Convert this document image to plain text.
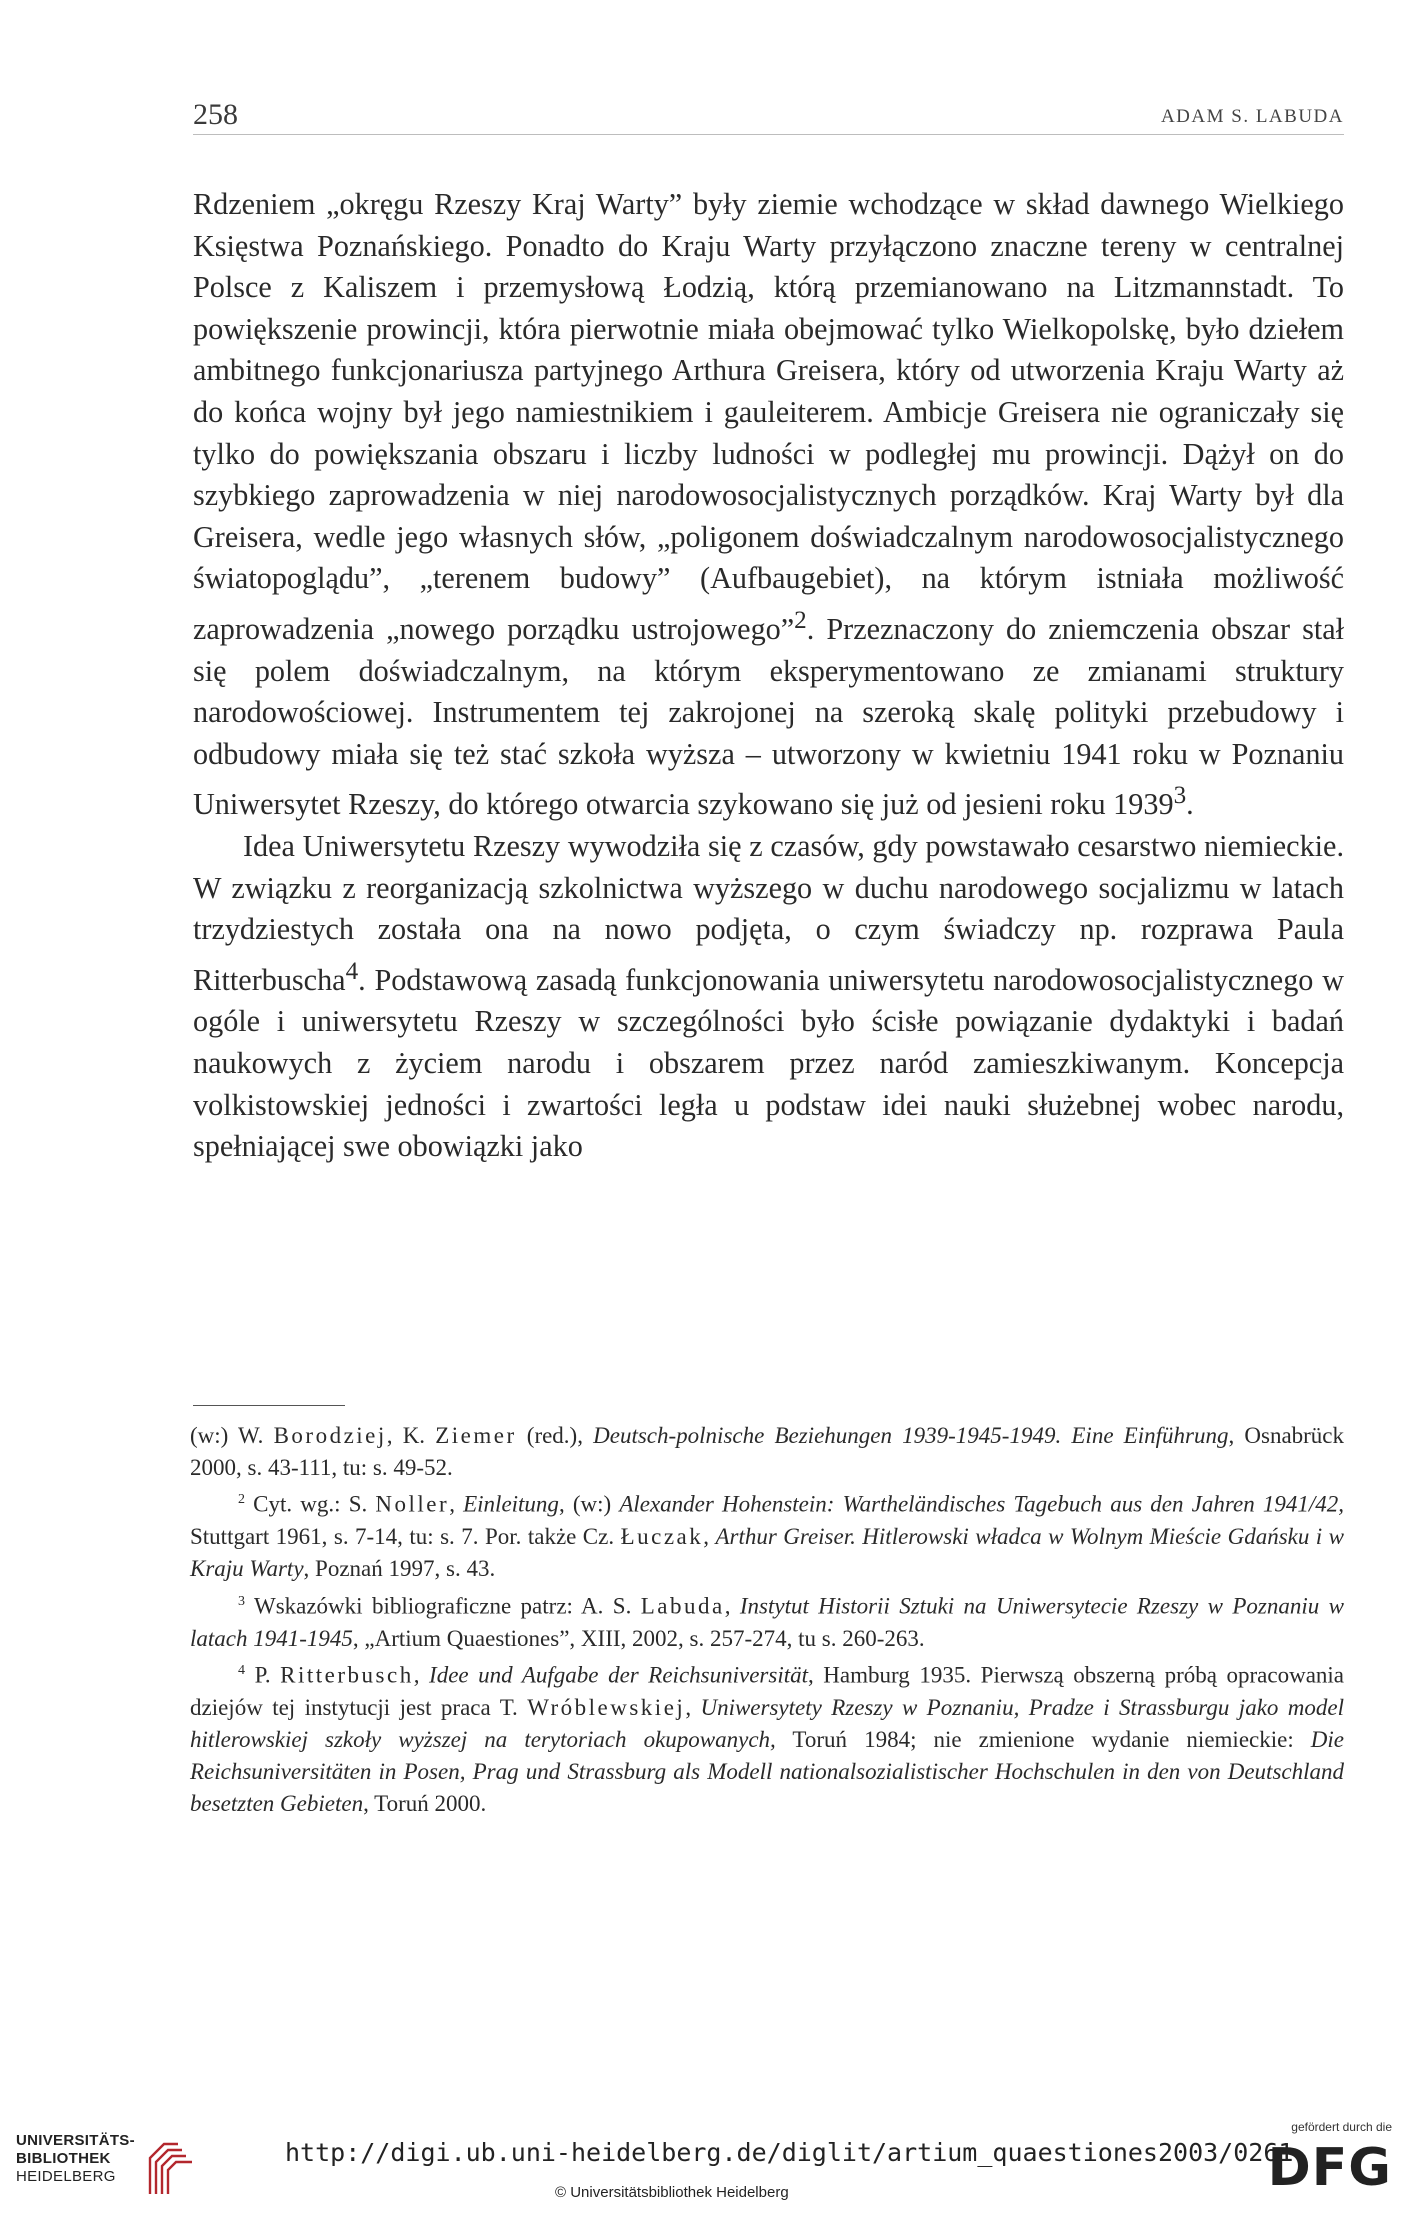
258	ADAM S. LABUDA

Rdzeniem „okręgu Rzeszy Kraj Warty” były ziemie wchodzące w skład dawnego Wielkiego Księstwa Poznańskiego. Ponadto do Kraju Warty przyłączono znaczne tereny w centralnej Polsce z Kaliszem i przemysłową Łodzią, którą przemianowano na Litzmannstadt. To powiększenie prowincji, która pierwotnie miała obejmować tylko Wielkopolskę, było dziełem ambitnego funkcjonariusza partyjnego Arthura Greisera, który od utworzenia Kraju Warty aż do końca wojny był jego namiestnikiem i gauleiterem. Ambicje Greisera nie ograniczały się tylko do powiększania obszaru i liczby ludności w podległej mu prowincji. Dążył on do szybkiego zaprowadzenia w niej narodowosocjalistycznych porządków. Kraj Warty był dla Greisera, wedle jego własnych słów, „poligonem doświadczalnym narodowosocjalistycznego światopoglądu”, „terenem budowy” (Aufbaugebiet), na którym istniała możliwość zaprowadzenia „nowego porządku ustrojowego”$^2$. Przeznaczony do zniemczenia obszar stał się polem doświadczalnym, na którym eksperymentowano ze zmianami struktury narodowościowej. Instrumentem tej zakrojonej na szeroką skalę polityki przebudowy i odbudowy miała się też stać szkoła wyższa – utworzony w kwietniu 1941 roku w Poznaniu Uniwersytet Rzeszy, do którego otwarcia szykowano się już od jesieni roku 1939$^3$.

Idea Uniwersytetu Rzeszy wywodziła się z czasów, gdy powstawało cesarstwo niemieckie. W związku z reorganizacją szkolnictwa wyższego w duchu narodowego socjalizmu w latach trzydziestych została ona na nowo podjęta, o czym świadczy np. rozprawa Paula Ritterbuscha$^4$. Podstawową zasadą funkcjonowania uniwersytetu narodowosocjalistycznego w ogóle i uniwersytetu Rzeszy w szczególności było ścisłe powiązanie dydaktyki i badań naukowych z życiem narodu i obszarem przez naród zamieszkiwanym. Koncepcja volkistowskiej jedności i zwartości legła u podstaw idei nauki służebnej wobec narodu, spełniającej swe obowiązki jako

(w:) W. Borodziej, K. Ziemer (red.), Deutsch-polnische Beziehungen 1939-1945-1949. Eine Einführung, Osnabrück 2000, s. 43-111, tu: s. 49-52.

$^2$ Cyt. wg.: S. Noller, Einleitung, (w:) Alexander Hohenstein: Wartheländisches Tagebuch aus den Jahren 1941/42, Stuttgart 1961, s. 7-14, tu: s. 7. Por. także Cz. Łuczak, Arthur Greiser. Hitlerowski władca w Wolnym Mieście Gdańsku i w Kraju Warty, Poznań 1997, s. 43.

$^3$ Wskazówki bibliograficzne patrz: A. S. Labuda, Instytut Historii Sztuki na Uniwersytecie Rzeszy w Poznaniu w latach 1941-1945, „Artium Quaestiones”, XIII, 2002, s. 257-274, tu s. 260-263.

$^4$ P. Ritterbusch, Idee und Aufgabe der Reichsuniversität, Hamburg 1935. Pierwszą obszerną próbą opracowania dziejów tej instytucji jest praca T. Wróblewskiej, Uniwersytety Rzeszy w Poznaniu, Pradze i Strassburgu jako model hitlerowskiej szkoły wyższej na terytoriach okupowanych, Toruń 1984; nie zmienione wydanie niemieckie: Die Reichsuniversitäten in Posen, Prag und Strassburg als Modell nationalsozialistischer Hochschulen in den von Deutschland besetzten Gebieten, Toruń 2000.

UNIVERSITÄTS-
BIBLIOTHEK
HEIDELBERG
http://digi.ub.uni-heidelberg.de/diglit/artium_quaestiones2003/0261
© Universitätsbibliothek Heidelberg
gefördert durch die
DFG
